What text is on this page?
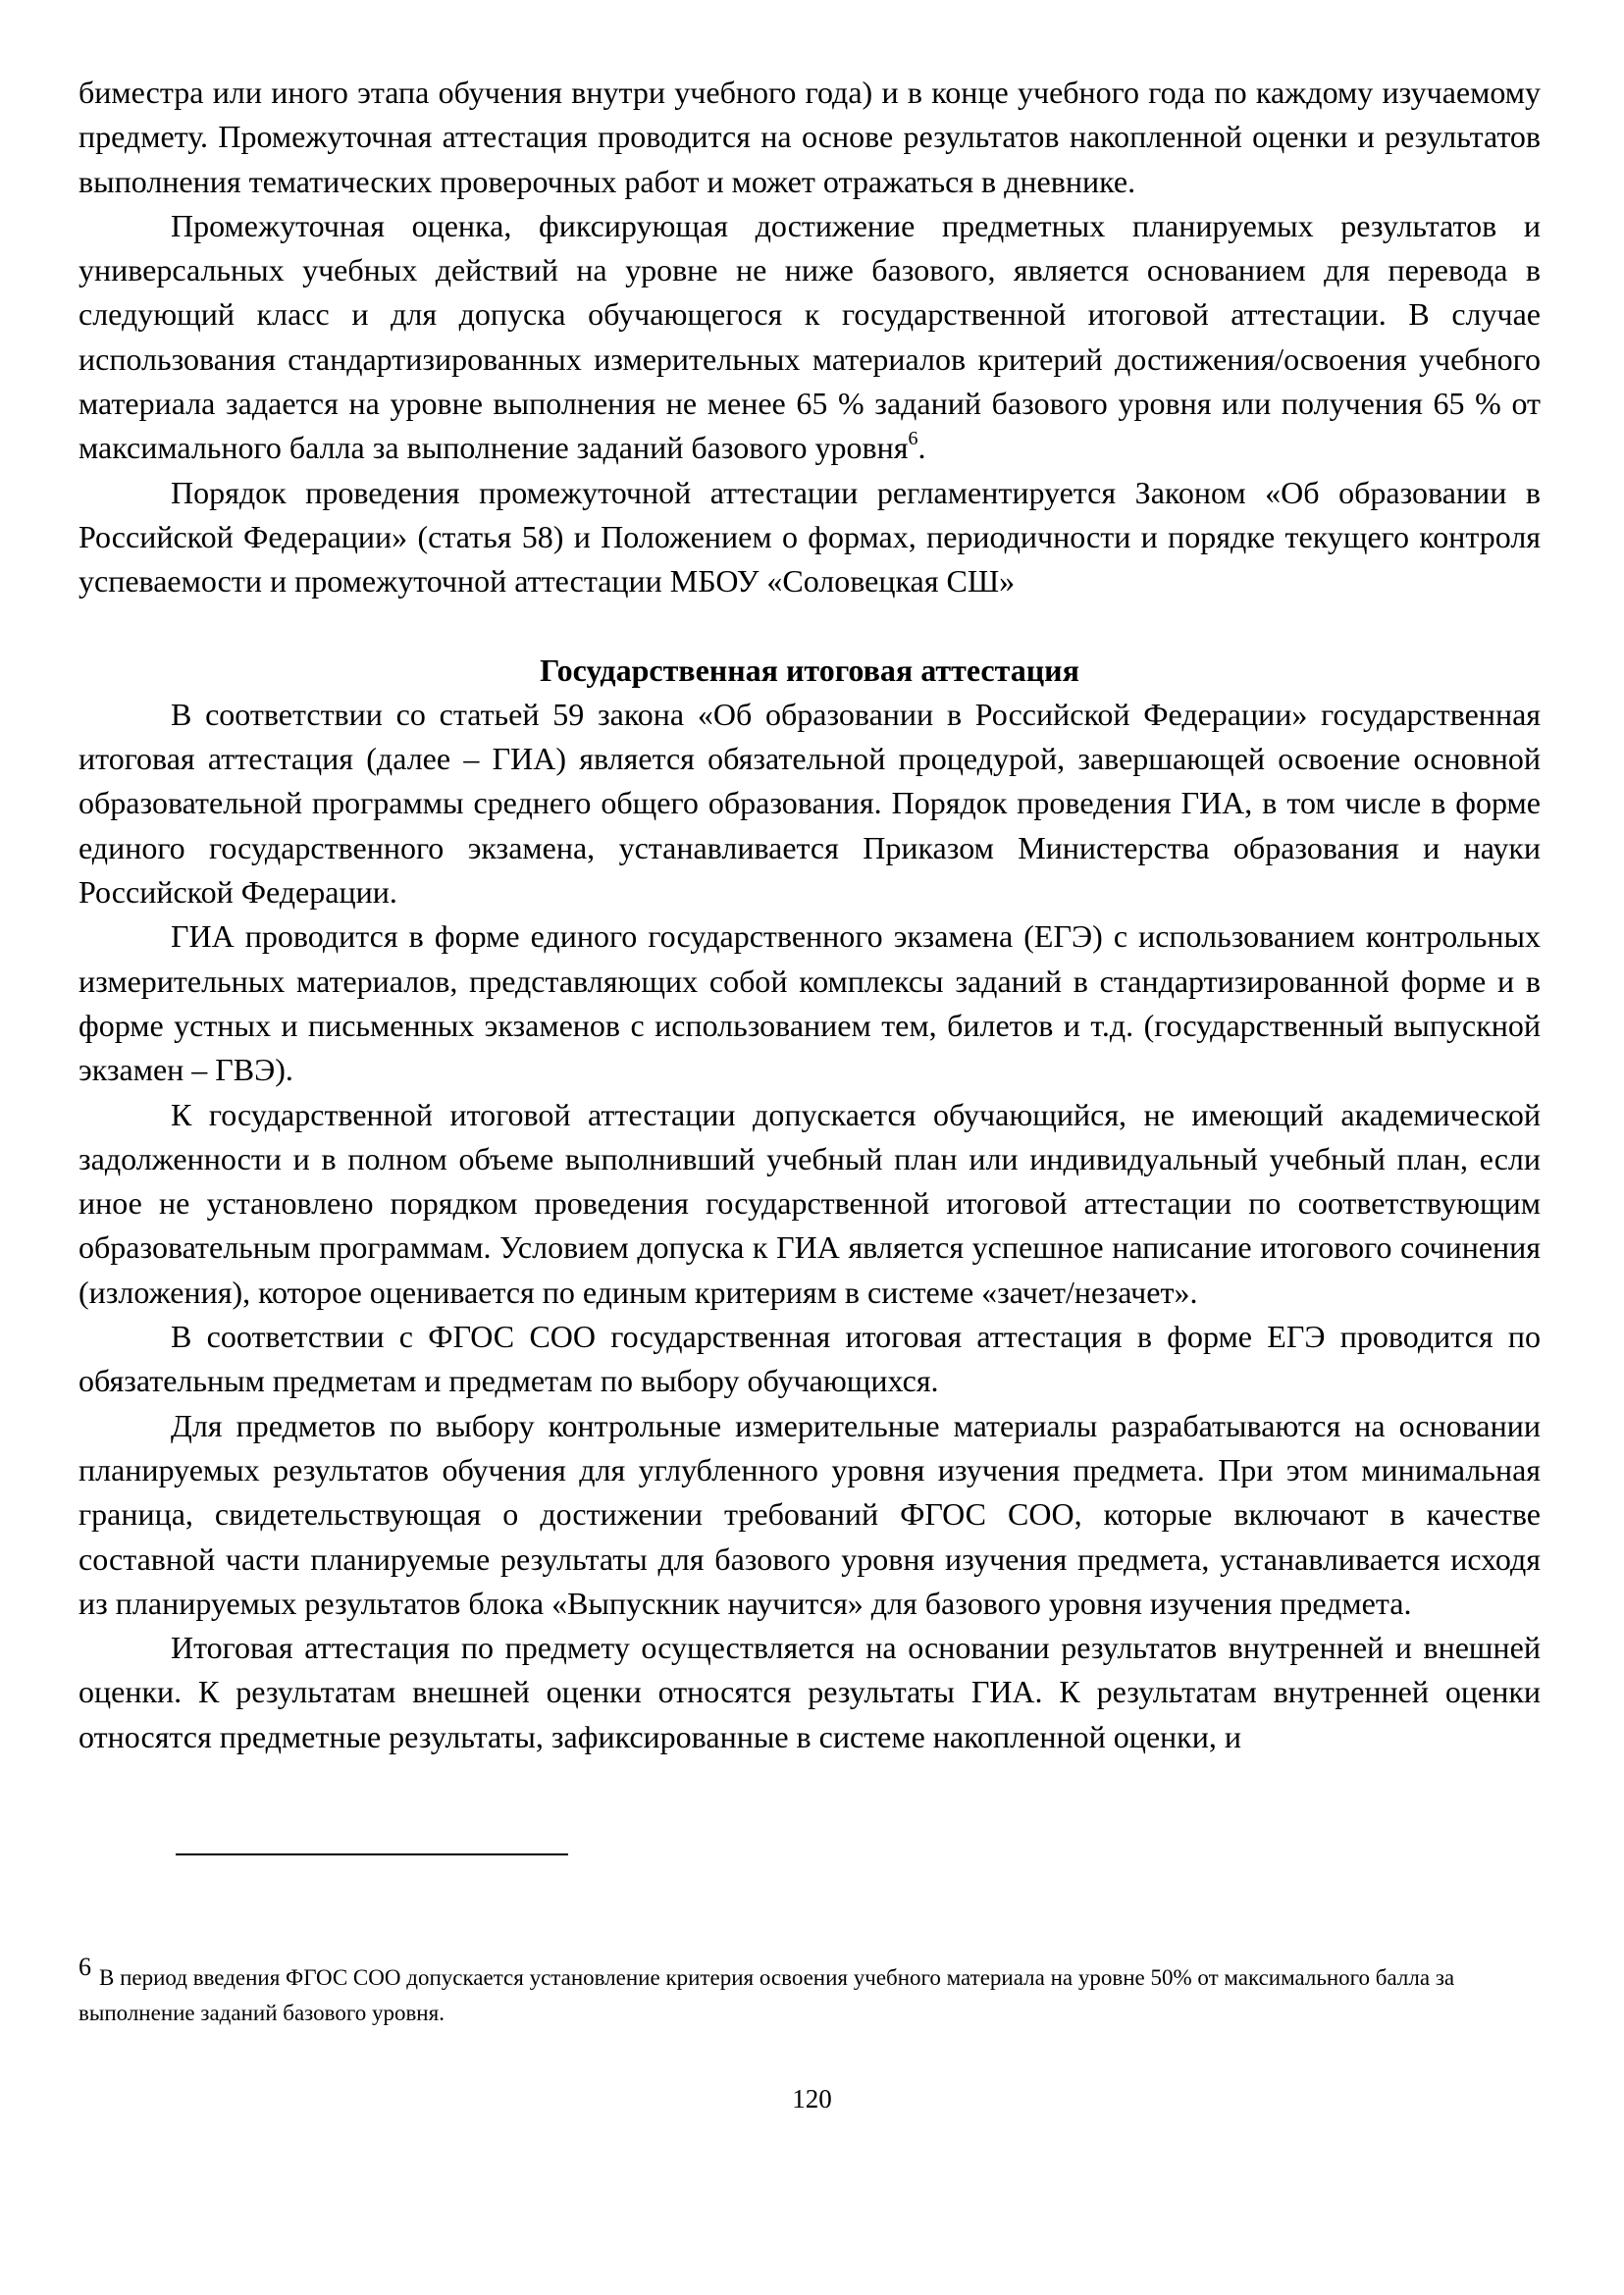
биместра или иного этапа обучения внутри учебного года) и в конце учебного года по каждому изучаемому предмету. Промежуточная аттестация проводится на основе результатов накопленной оценки и результатов выполнения тематических проверочных работ и может отражаться в дневнике.

Промежуточная оценка, фиксирующая достижение предметных планируемых результатов и универсальных учебных действий на уровне не ниже базового, является основанием для перевода в следующий класс и для допуска обучающегося к государственной итоговой аттестации. В случае использования стандартизированных измерительных материалов критерий достижения/освоения учебного материала задается на уровне выполнения не менее 65 % заданий базового уровня или получения 65 % от максимального балла за выполнение заданий базового уровня$^6$.

Порядок проведения промежуточной аттестации регламентируется Законом «Об образовании в Российской Федерации» (статья 58) и Положением о формах, периодичности и порядке текущего контроля успеваемости и промежуточной аттестации МБОУ «Соловецкая СШ»

Государственная итоговая аттестация

В соответствии со статьей 59 закона «Об образовании в Российской Федерации» государственная итоговая аттестация (далее – ГИА) является обязательной процедурой, завершающей освоение основной образовательной программы среднего общего образования. Порядок проведения ГИА, в том числе в форме единого государственного экзамена, устанавливается Приказом Министерства образования и науки Российской Федерации.

ГИА проводится в форме единого государственного экзамена (ЕГЭ) с использованием контрольных измерительных материалов, представляющих собой комплексы заданий в стандартизированной форме и в форме устных и письменных экзаменов с использованием тем, билетов и т.д. (государственный выпускной экзамен – ГВЭ).

К государственной итоговой аттестации допускается обучающийся, не имеющий академической задолженности и в полном объеме выполнивший учебный план или индивидуальный учебный план, если иное не установлено порядком проведения государственной итоговой аттестации по соответствующим образовательным программам. Условием допуска к ГИА является успешное написание итогового сочинения (изложения), которое оценивается по единым критериям в системе «зачет/незачет».

В соответствии с ФГОС СОО государственная итоговая аттестация в форме ЕГЭ проводится по обязательным предметам и предметам по выбору обучающихся.

Для предметов по выбору контрольные измерительные материалы разрабатываются на основании планируемых результатов обучения для углубленного уровня изучения предмета. При этом минимальная граница, свидетельствующая о достижении требований ФГОС СОО, которые включают в качестве составной части планируемые результаты для базового уровня изучения предмета, устанавливается исходя из планируемых результатов блока «Выпускник научится» для базового уровня изучения предмета.

Итоговая аттестация по предмету осуществляется на основании результатов внутренней и внешней оценки. К результатам внешней оценки относятся результаты ГИА. К результатам внутренней оценки относятся предметные результаты, зафиксированные в системе накопленной оценки, и

$^6$ В период введения ФГОС СОО допускается установление критерия освоения учебного материала на уровне 50% от максимального балла за выполнение заданий базового уровня.

120
